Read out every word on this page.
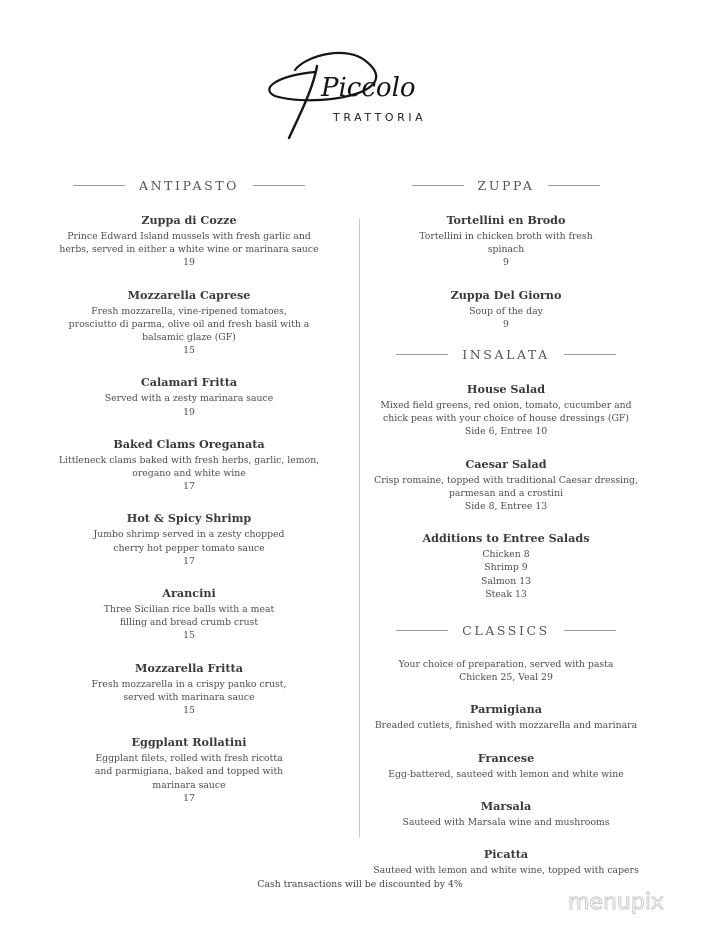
Piccolo
TRATTORIA
ANTIPASTO
Zuppa di Cozze
Prince Edward Island mussels with fresh garlic and
herbs, served in either a white wine or marinara sauce
19
Mozzarella Caprese
Fresh mozzarella, vine-ripened tomatoes,
prosciutto di parma, olive oil and fresh basil with a
balsamic glaze (GF)
15
Calamari Fritta
Served with a zesty marinara sauce
19
Baked Clams Oreganata
Littleneck clams baked with fresh herbs, garlic, lemon,
oregano and white wine
17
Hot & Spicy Shrimp
Jumbo shrimp served in a zesty chopped
cherry hot pepper tomato sauce
17
Arancini
Three Sicilian rice balls with a meat
filling and bread crumb crust
15
Mozzarella Fritta
Fresh mozzarella in a crispy panko crust,
served with marinara sauce
15
Eggplant Rollatini
Eggplant filets, rolled with fresh ricotta
and parmigiana, baked and topped with
marinara sauce
17
ZUPPA
Tortellini en Brodo
Tortellini in chicken broth with fresh
spinach
9
Zuppa Del Giorno
Soup of the day
9
INSALATA
House Salad
Mixed field greens, red onion, tomato, cucumber and
chick peas with your choice of house dressings (GF)
Side 6, Entree 10
Caesar Salad
Crisp romaine, topped with traditional Caesar dressing,
parmesan and a crostini
Side 8, Entree 13
Additions to Entree Salads
Chicken 8
Shrimp 9
Salmon 13
Steak 13
CLASSICS
Your choice of preparation, served with pasta
Chicken 25, Veal 29
Parmigiana
Breaded cutlets, finished with mozzarella and marinara
Francese
Egg-battered, sauteed with lemon and white wine
Marsala
Sauteed with Marsala wine and mushrooms
Picatta
Sauteed with lemon and white wine, topped with capers
Cash transactions will be discounted by 4%
menupix
